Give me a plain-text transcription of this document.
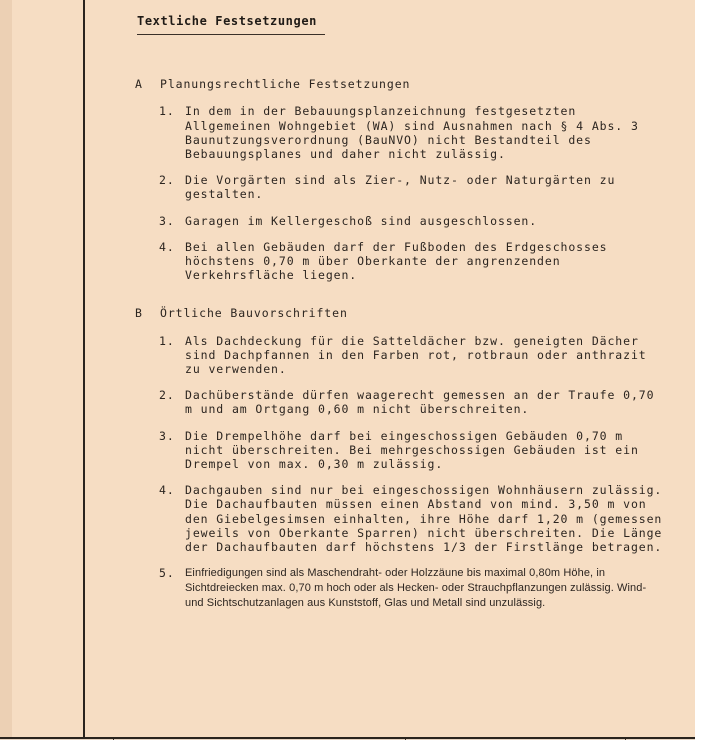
Textliche Festsetzungen
A	Planungsrechtliche Festsetzungen
1. In dem in der Bebauungsplanzeichnung festgesetzten Allgemeinen Wohngebiet (WA) sind Ausnahmen nach § 4 Abs. 3 Baunutzungsverordnung (BauNVO) nicht Bestandteil des Bebauungsplanes und daher nicht zulässig.
2. Die Vorgärten sind als Zier-, Nutz- oder Naturgärten zu gestalten.
3. Garagen im Kellergeschoß sind ausgeschlossen.
4. Bei allen Gebäuden darf der Fußboden des Erdgeschosses höchstens 0,70 m über Oberkante der angrenzenden Verkehrsfläche liegen.
B	Örtliche Bauvorschriften
1. Als Dachdeckung für die Satteldächer bzw. geneigten Dächer sind Dachpfannen in den Farben rot, rotbraun oder anthrazit zu verwenden.
2. Dachüberstände dürfen waagerecht gemessen an der Traufe 0,70 m und am Ortgang 0,60 m nicht überschreiten.
3. Die Drempelhöhe darf bei eingeschossigen Gebäuden 0,70 m nicht überschreiten. Bei mehrgeschossigen Gebäuden ist ein Drempel von max. 0,30 m zulässig.
4. Dachgauben sind nur bei eingeschossigen Wohnhäusern zulässig. Die Dachaufbauten müssen einen Abstand von mind. 3,50 m von den Giebelgesimsen einhalten, ihre Höhe darf 1,20 m (gemessen jeweils von Oberkante Sparren) nicht überschreiten. Die Länge der Dachaufbauten darf höchstens 1/3 der Firstlänge betragen.
5. Einfriedigungen sind als Maschendraht- oder Holzzäune bis maximal 0,80m Höhe, in Sichtdreiecken max. 0,70 m hoch oder als Hecken- oder Strauchpflanzungen zulässig. Wind- und Sichtschutzanlagen aus Kunststoff, Glas und Metall sind unzulässig.
